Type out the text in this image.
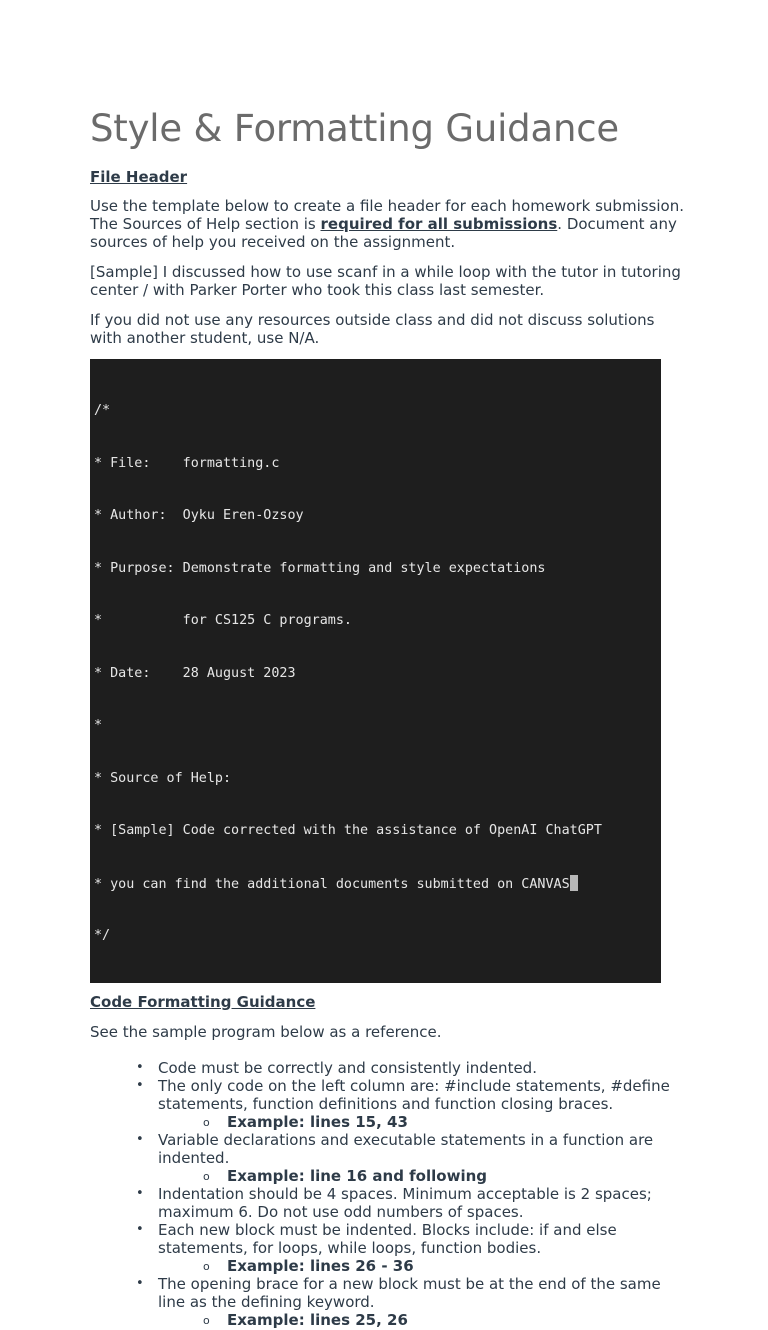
Style & Formatting Guidance
File Header

Use the template below to create a file header for each homework submission. The Sources of Help section is required for all submissions. Document any sources of help you received on the assignment.

[Sample] I discussed how to use scanf in a while loop with the tutor in tutoring center / with Parker Porter who took this class last semester.

If you did not use any resources outside class and did not discuss solutions with another student, use N/A.

/*

* File:    formatting.c

* Author:  Oyku Eren-Ozsoy

* Purpose: Demonstrate formatting and style expectations

*          for CS125 C programs.

* Date:    28 August 2023

*

* Source of Help:

* [Sample] Code corrected with the assistance of OpenAI ChatGPT

* you can find the additional documents submitted on CANVAS

*/

Code Formatting Guidance

See the sample program below as a reference.

• Code must be correctly and consistently indented.
• The only code on the left column are: #include statements, #define statements, function definitions and function closing braces.
o Example: lines 15, 43
• Variable declarations and executable statements in a function are indented.
o Example: line 16 and following
• Indentation should be 4 spaces. Minimum acceptable is 2 spaces; maximum 6. Do not use odd numbers of spaces.
• Each new block must be indented. Blocks include: if and else statements, for loops, while loops, function bodies.
o Example: lines 26 - 36
• The opening brace for a new block must be at the end of the same line as the defining keyword.
o Example: lines 25, 26
